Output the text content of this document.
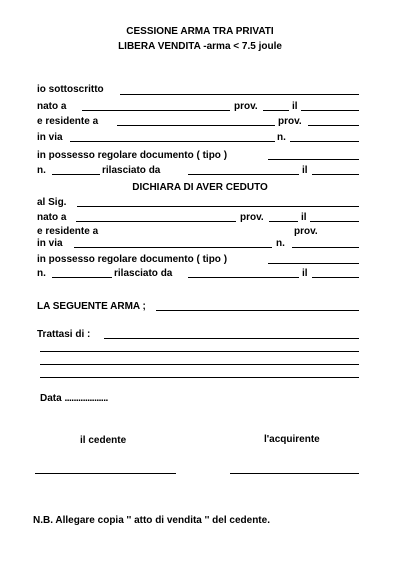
CESSIONE ARMA TRA PRIVATI
LIBERA VENDITA -arma < 7.5 joule
io sottoscritto
nato a	prov.	il
e residente a	prov.
in via	n.
in possesso regolare documento ( tipo )
n.	rilasciato da	il
DICHIARA DI AVER CEDUTO
al Sig.
nato a	prov.	il
e residente a	prov.
in via	n.
in possesso regolare documento ( tipo )
n.	rilasciato da	il
LA SEGUENTE ARMA ;
Trattasi di :
Data ...................
il cedente	l'acquirente
N.B. Allegare copia '' atto di vendita '' del cedente.
